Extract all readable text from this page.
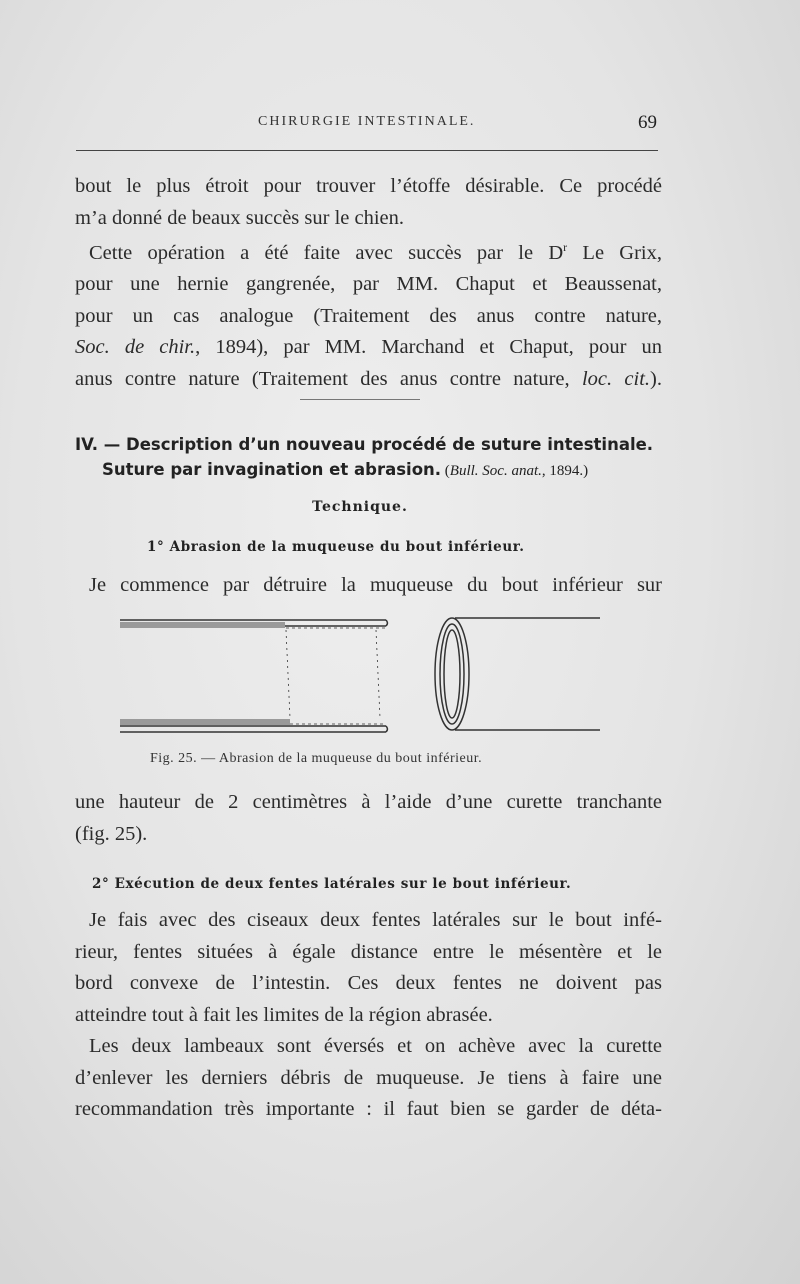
CHIRURGIE INTESTINALE.	69
bout le plus étroit pour trouver l’étoffe désirable. Ce procédé
m’a donné de beaux succès sur le chien.
Cette opération a été faite avec succès par le $D^r$ Le Grix,
pour une hernie gangrenée, par MM. Chaput et Beaussenat,
pour un cas analogue (Traitement des anus contre nature,
Soc. de chir., 1894), par MM. Marchand et Chaput, pour un
anus contre nature (Traitement des anus contre nature, loc. cit.).
IV. — Description d’un nouveau procédé de suture intestinale.
Suture par invagination et abrasion. (Bull. Soc. anat., 1894.)
Technique.
1° Abrasion de la muqueuse du bout inférieur.
Je commence par détruire la muqueuse du bout inférieur sur
Fig. 25. — Abrasion de la muqueuse du bout inférieur.
une hauteur de 2 centimètres à l’aide d’une curette tranchante
(fig. 25).
2° Exécution de deux fentes latérales sur le bout inférieur.
Je fais avec des ciseaux deux fentes latérales sur le bout infé-
rieur, fentes situées à égale distance entre le mésentère et le
bord convexe de l’intestin. Ces deux fentes ne doivent pas
atteindre tout à fait les limites de la région abrasée.
Les deux lambeaux sont éversés et on achève avec la curette
d’enlever les derniers débris de muqueuse. Je tiens à faire une
recommandation très importante : il faut bien se garder de déta-
